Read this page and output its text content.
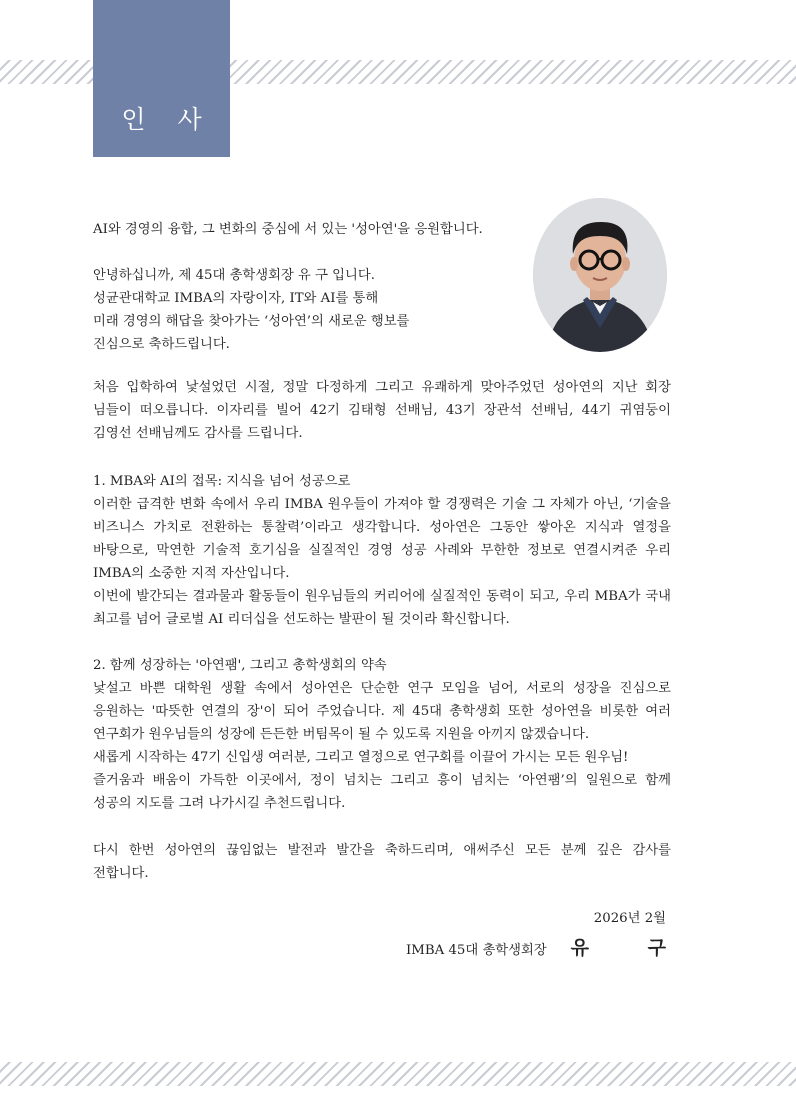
인 사
AI와 경영의 융합, 그 변화의 중심에 서 있는 '성아연'을 응원합니다.
안녕하십니까, 제 45대 총학생회장 유 구 입니다.
성균관대학교 IMBA의 자랑이자, IT와 AI를 통해
미래 경영의 해답을 찾아가는 ‘성아연’의 새로운 행보를
진심으로 축하드립니다.
처음 입학하여 낯설었던 시절, 정말 다정하게 그리고 유쾌하게 맞아주었던 성아연의 지난 회장
님들이 떠오릅니다. 이자리를 빌어 42기 김태형 선배님, 43기 장관석 선배님, 44기 귀염둥이
김영선 선배님께도 감사를 드립니다.
1. MBA와 AI의 접목: 지식을 넘어 성공으로
이러한 급격한 변화 속에서 우리 IMBA 원우들이 가져야 할 경쟁력은 기술 그 자체가 아닌, ‘기술을
비즈니스 가치로 전환하는 통찰력’이라고 생각합니다. 성아연은 그동안 쌓아온 지식과 열정을
바탕으로, 막연한 기술적 호기심을 실질적인 경영 성공 사례와 무한한 정보로 연결시켜준 우리
IMBA의 소중한 지적 자산입니다.
이번에 발간되는 결과물과 활동들이 원우님들의 커리어에 실질적인 동력이 되고, 우리 MBA가 국내
최고를 넘어 글로벌 AI 리더십을 선도하는 발판이 될 것이라 확신합니다.
2. 함께 성장하는 '아연팸', 그리고 총학생회의 약속
낯설고 바쁜 대학원 생활 속에서 성아연은 단순한 연구 모임을 넘어, 서로의 성장을 진심으로
응원하는 '따뜻한 연결의 장'이 되어 주었습니다. 제 45대 총학생회 또한 성아연을 비롯한 여러
연구회가 원우님들의 성장에 든든한 버팀목이 될 수 있도록 지원을 아끼지 않겠습니다.
새롭게 시작하는 47기 신입생 여러분, 그리고 열정으로 연구회를 이끌어 가시는 모든 원우님!
즐거움과 배움이 가득한 이곳에서, 정이 넘치는 그리고 흥이 넘치는 ‘아연팸’의 일원으로 함께
성공의 지도를 그려 나가시길 추천드립니다.
다시 한번 성아연의 끊임없는 발전과 발간을 축하드리며, 애써주신 모든 분께 깊은 감사를
전합니다.
2026년 2월
IMBA 45대 총학생회장 유 구
